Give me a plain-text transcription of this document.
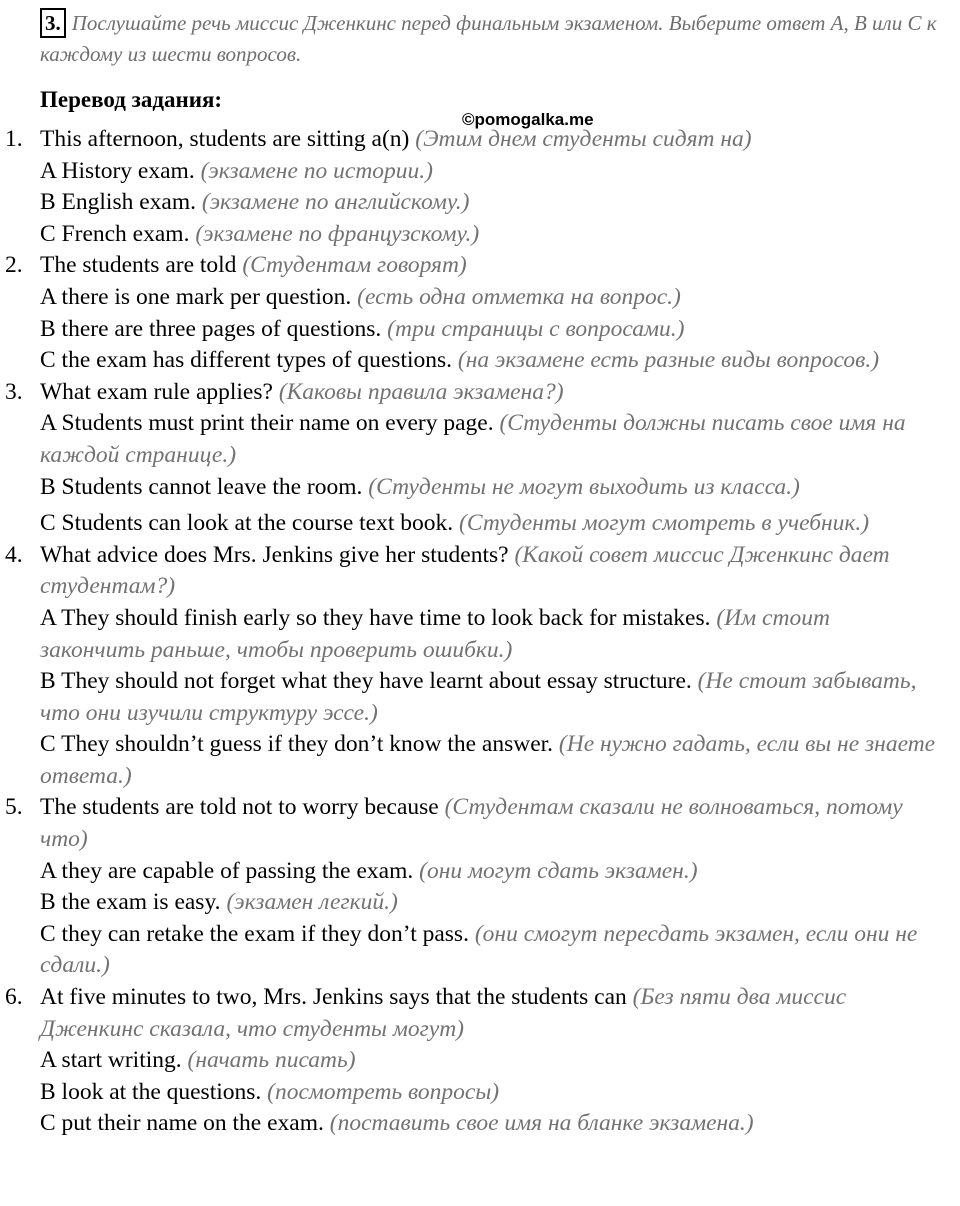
3. Послушайте речь миссис Дженкинс перед финальным экзаменом. Выберите ответ A, B или C к каждому из шести вопросов.
Перевод задания:
©pomogalka.me
1. This afternoon, students are sitting a(n) (Этим днем студенты сидят на)
A History exam. (экзамене по истории.)
B English exam. (экзамене по английскому.)
C French exam. (экзамене по французскому.)
2. The students are told (Студентам говорят)
A there is one mark per question. (есть одна отметка на вопрос.)
B there are three pages of questions. (три страницы с вопросами.)
C the exam has different types of questions. (на экзамене есть разные виды вопросов.)
3. What exam rule applies? (Каковы правила экзамена?)
A Students must print their name on every page. (Студенты должны писать свое имя на каждой странице.)
B Students cannot leave the room. (Студенты не могут выходить из класса.)
C Students can look at the course text book. (Студенты могут смотреть в учебник.)
4. What advice does Mrs. Jenkins give her students? (Какой совет миссис Дженкинс дает студентам?)
A They should finish early so they have time to look back for mistakes. (Им стоит закончить раньше, чтобы проверить ошибки.)
B They should not forget what they have learnt about essay structure. (Не стоит забывать, что они изучили структуру эссе.)
C They shouldn’t guess if they don’t know the answer. (Не нужно гадать, если вы не знаете ответа.)
5. The students are told not to worry because (Студентам сказали не волноваться, потому что)
A they are capable of passing the exam. (они могут сдать экзамен.)
B the exam is easy. (экзамен легкий.)
C they can retake the exam if they don’t pass. (они смогут пересдать экзамен, если они не сдали.)
6. At five minutes to two, Mrs. Jenkins says that the students can (Без пяти два миссис Дженкинс сказала, что студенты могут)
A start writing. (начать писать)
B look at the questions. (посмотреть вопросы)
C put their name on the exam. (поставить свое имя на бланке экзамена.)
